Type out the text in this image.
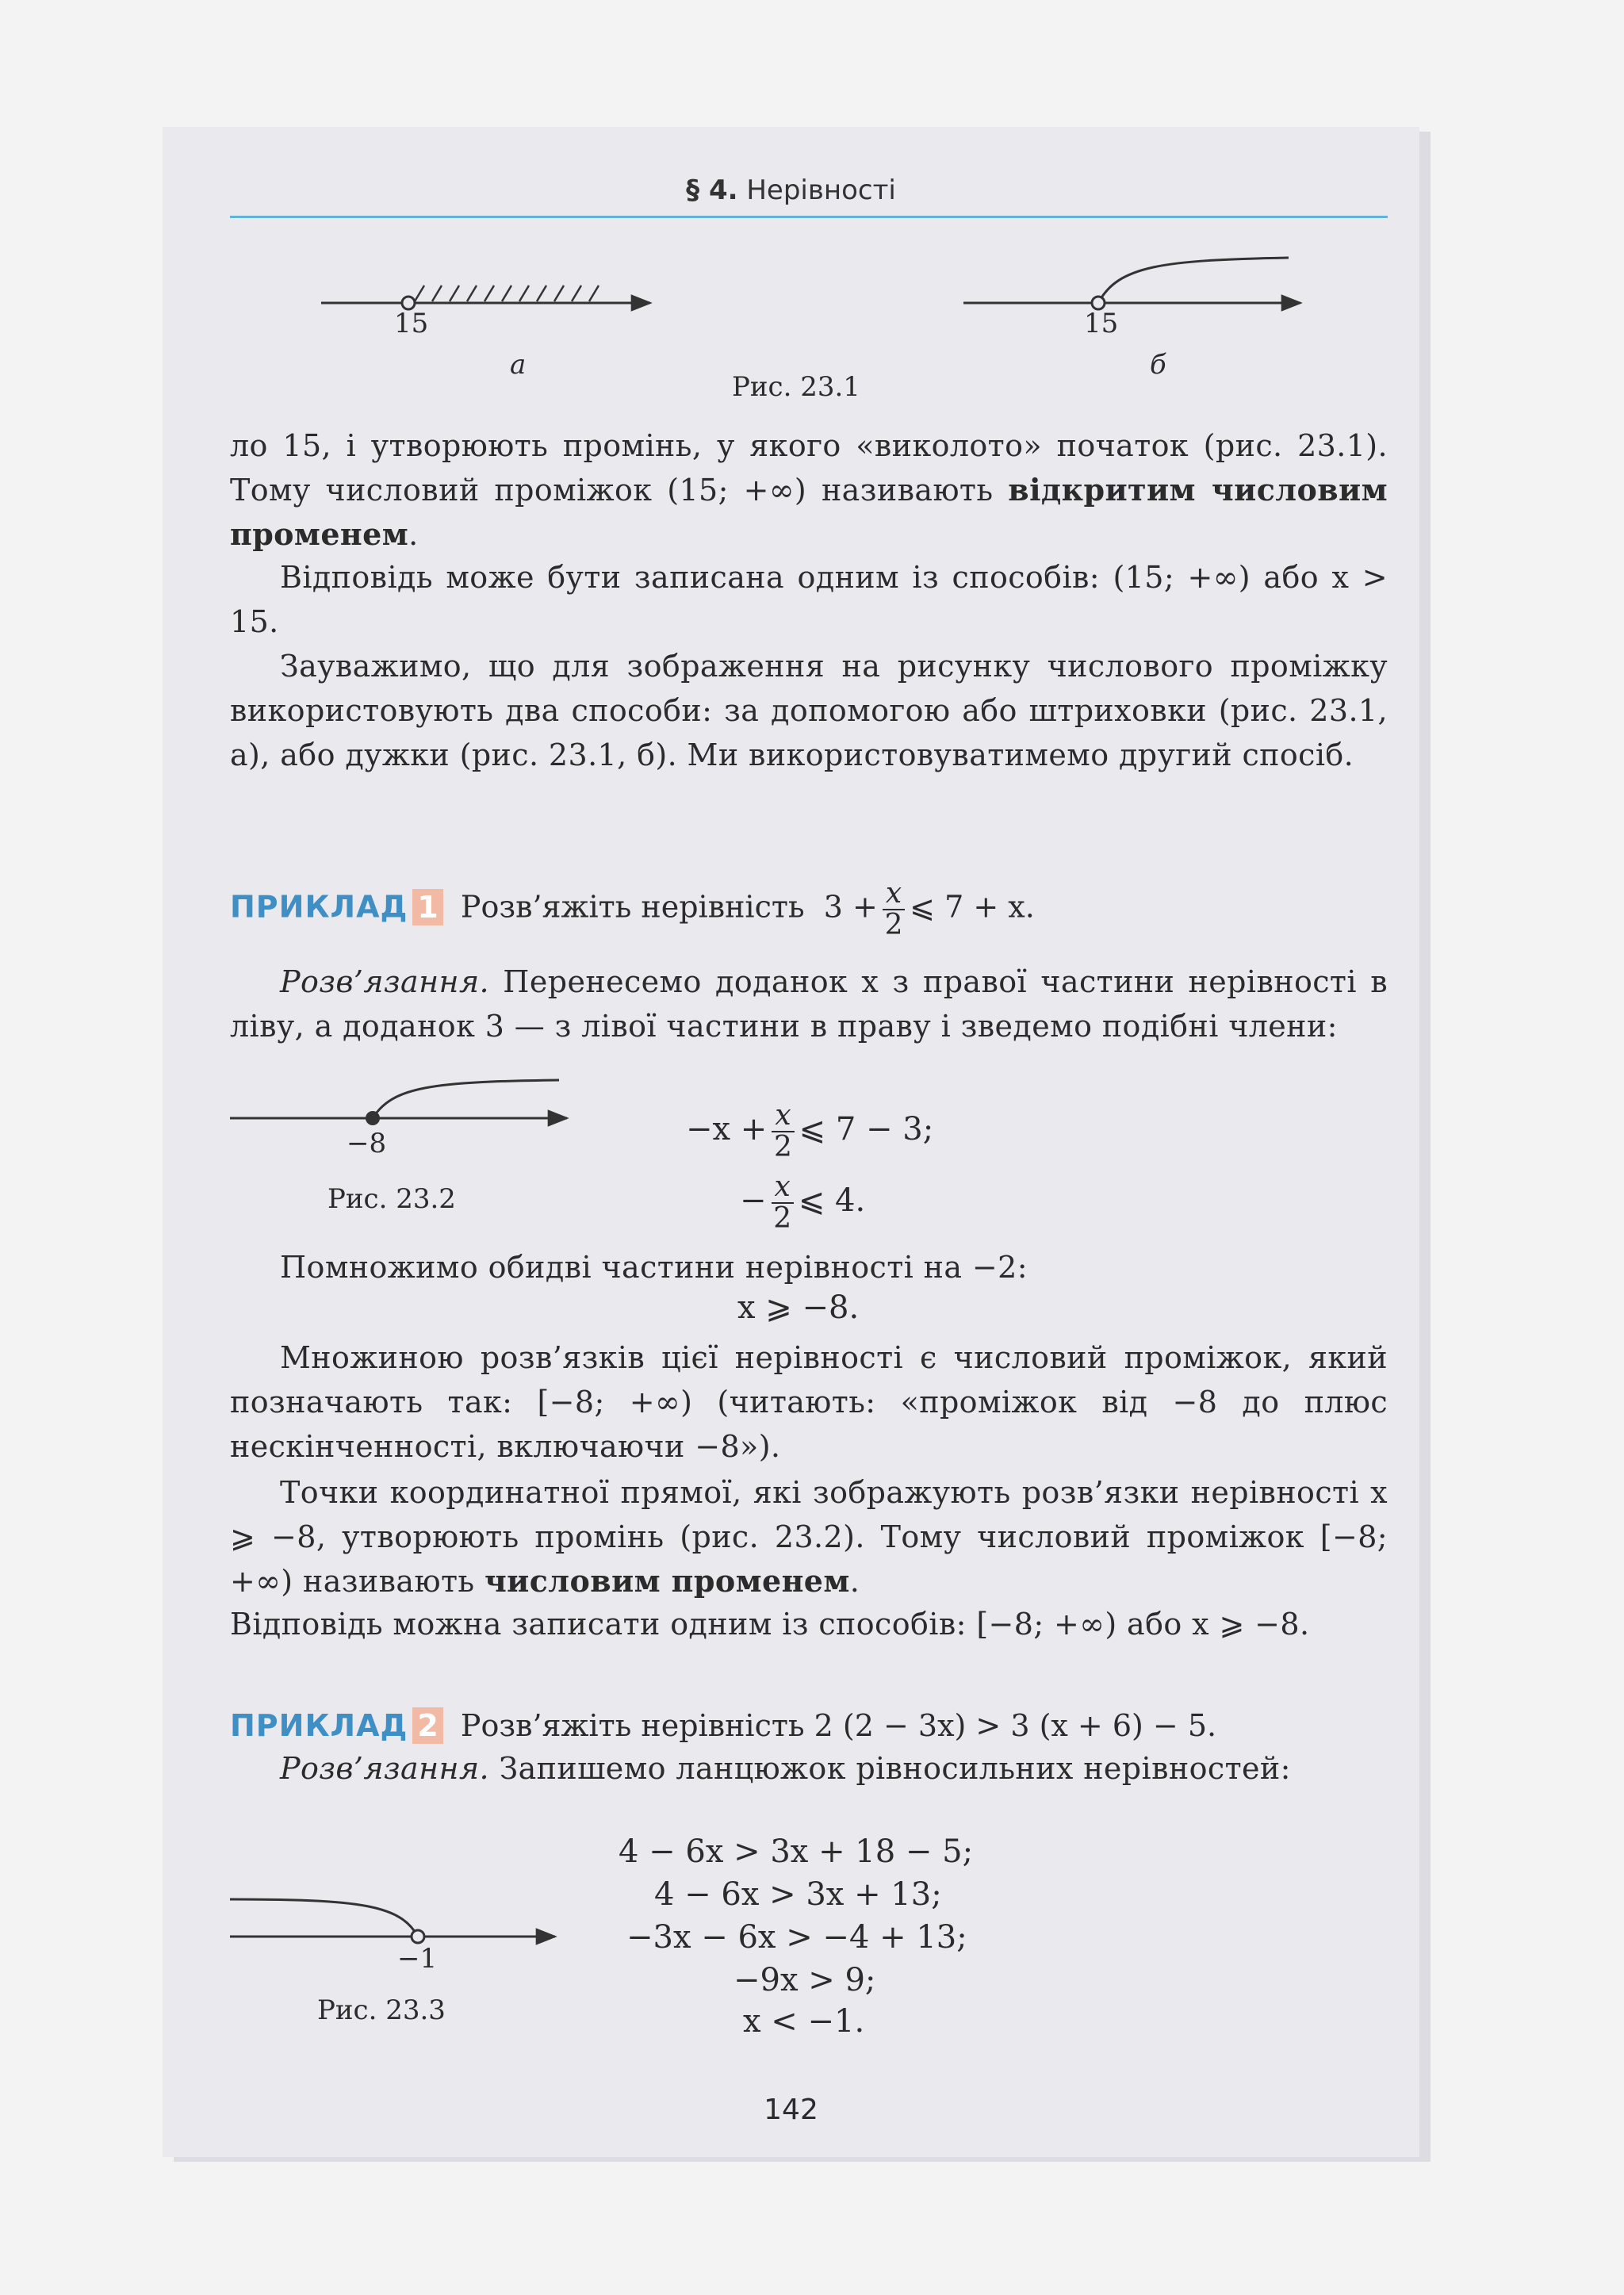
§ 4. Нерівності
15	15
а	б
Рис. 23.1
ло 15, і утворюють промінь, у якого «виколото» початок (рис. 23.1). Тому числовий проміжок (15; +∞) називають відкритим числовим променем.
Відповідь може бути записана одним із способів: (15; +∞) або x > 15.
Зауважимо, що для зображення на рисунку числового проміжку використовують два способи: за допомогою або штриховки (рис. 23.1, а), або дужки (рис. 23.1, б). Ми використовуватимемо другий спосіб.
ПРИКЛАД 1 Розв’яжіть нерівність $3 + \frac{x}{2}$ ⩽ 7 + x.
Розв’язання. Перенесемо доданок x з правої частини нерівності в ліву, а доданок 3 — з лівої частини в праву і зведемо подібні члени:
−8
Рис. 23.2
$-x + \frac{x}{2}$ ⩽ 7 − 3;
− $\frac{x}{2}$ ⩽ 4.
Помножимо обидві частини нерівності на −2:
x ⩾ −8.
Множиною розв’язків цієї нерівності є числовий проміжок, який позначають так: [−8; +∞) (читають: «проміжок від −8 до плюс нескінченності, включаючи −8»).
Точки координатної прямої, які зображують розв’язки нерівності x ⩾ −8, утворюють промінь (рис. 23.2). Тому числовий проміжок [−8; +∞) називають числовим променем.
Відповідь можна записати одним із способів: [−8; +∞) або x ⩾ −8.
ПРИКЛАД 2 Розв’яжіть нерівність 2 (2 − 3x) > 3 (x + 6) − 5.
Розв’язання. Запишемо ланцюжок рівносильних нерівностей:
4 − 6x > 3x + 18 − 5;
4 − 6x > 3x + 13;
−3x − 6x > −4 + 13;
−9x > 9;
x < −1.
−1
Рис. 23.3
142
